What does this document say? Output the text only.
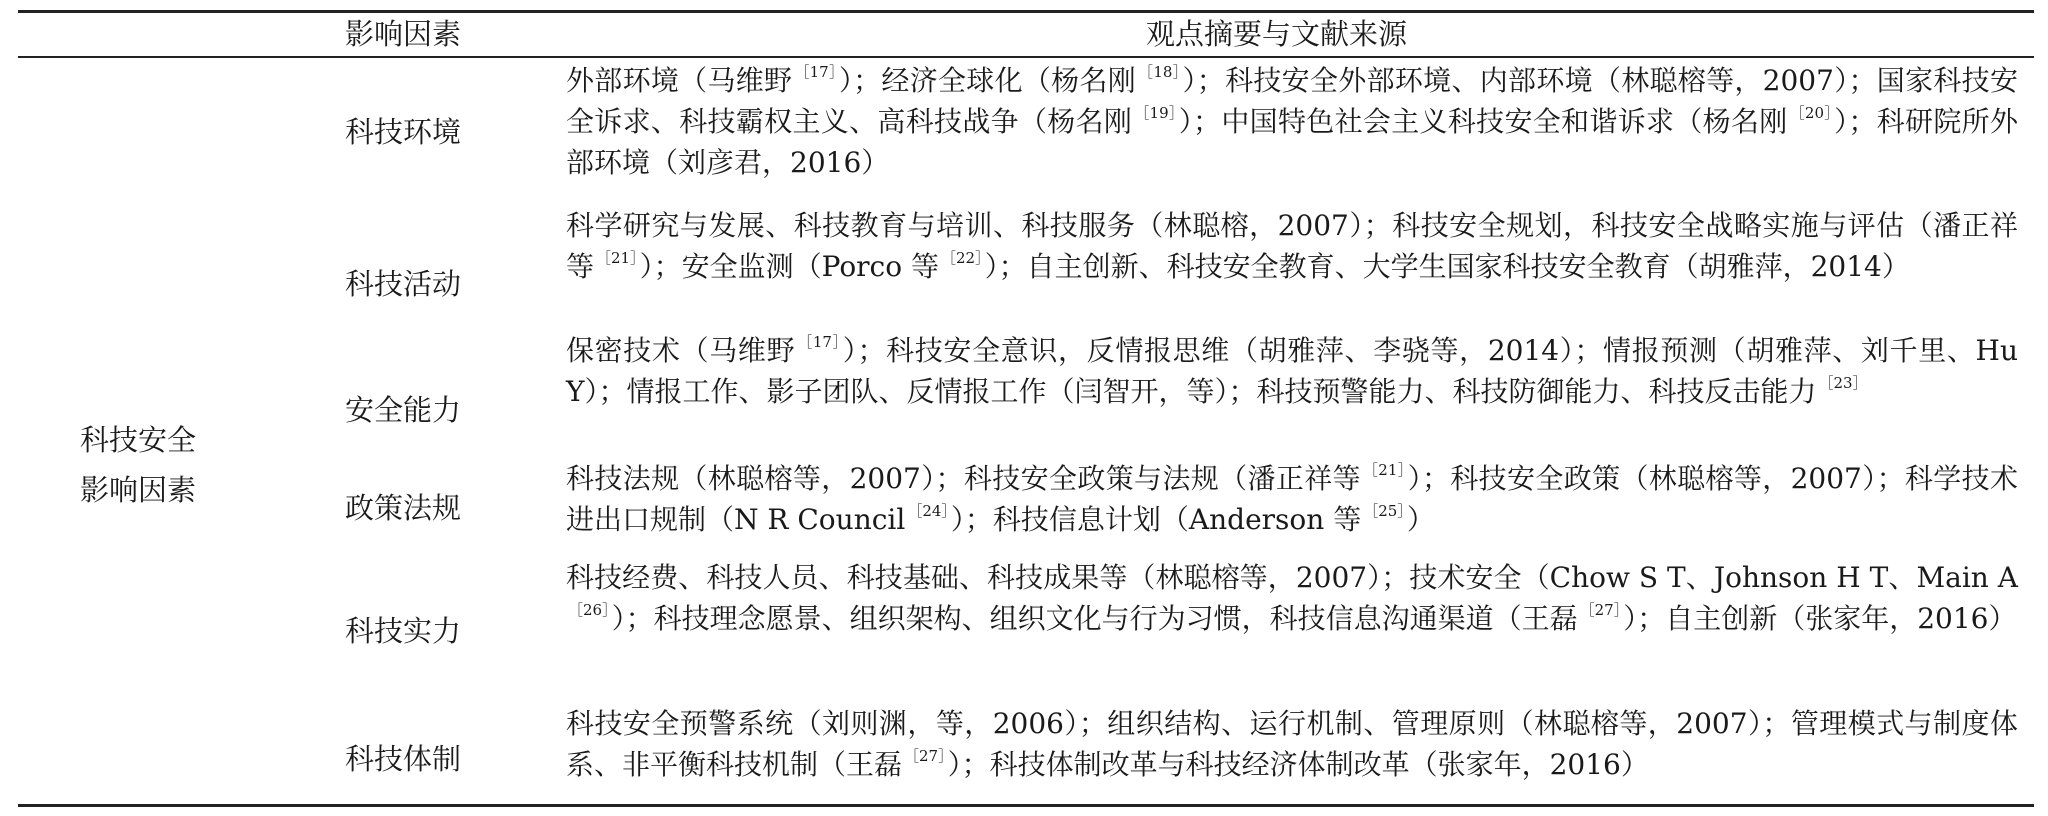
影响因素	观点摘要与文献来源
科技安全
影响因素
科技环境
外部环境（马维野 $^{[17]}$）；经济全球化（杨名刚 $^{[18]}$）；科技安全外部环境、内部环境（林聪榕等，2007）；国家科技安全诉求、科技霸权主义、高科技战争（杨名刚 $^{[19]}$）；中国特色社会主义科技安全和谐诉求（杨名刚 $^{[20]}$）；科研院所外部环境（刘彦君，2016）
科技活动
科学研究与发展、科技教育与培训、科技服务（林聪榕，2007）；科技安全规划，科技安全战略实施与评估（潘正祥等 $^{[21]}$）；安全监测（Porco 等 $^{[22]}$）；自主创新、科技安全教育、大学生国家科技安全教育（胡雅萍，2014）
安全能力
保密技术（马维野 $^{[17]}$）；科技安全意识，反情报思维（胡雅萍、李骁等，2014）；情报预测（胡雅萍、刘千里、Hu Y）；情报工作、影子团队、反情报工作（闫智开，等）；科技预警能力、科技防御能力、科技反击能力 $^{[23]}$
政策法规
科技法规（林聪榕等，2007）；科技安全政策与法规（潘正祥等 $^{[21]}$）；科技安全政策（林聪榕等，2007）；科学技术进出口规制（N R Council $^{[24]}$）；科技信息计划（Anderson 等 $^{[25]}$）
科技实力
科技经费、科技人员、科技基础、科技成果等（林聪榕等，2007）；技术安全（Chow S T、Johnson H T、Main $A^{[26]}$）；科技理念愿景、组织架构、组织文化与行为习惯，科技信息沟通渠道（王磊 $^{[27]}$）；自主创新（张家年，2016）
科技体制
科技安全预警系统（刘则渊，等，2006）；组织结构、运行机制、管理原则（林聪榕等，2007）；管理模式与制度体系、非平衡科技机制（王磊 $^{[27]}$）；科技体制改革与科技经济体制改革（张家年，2016）
